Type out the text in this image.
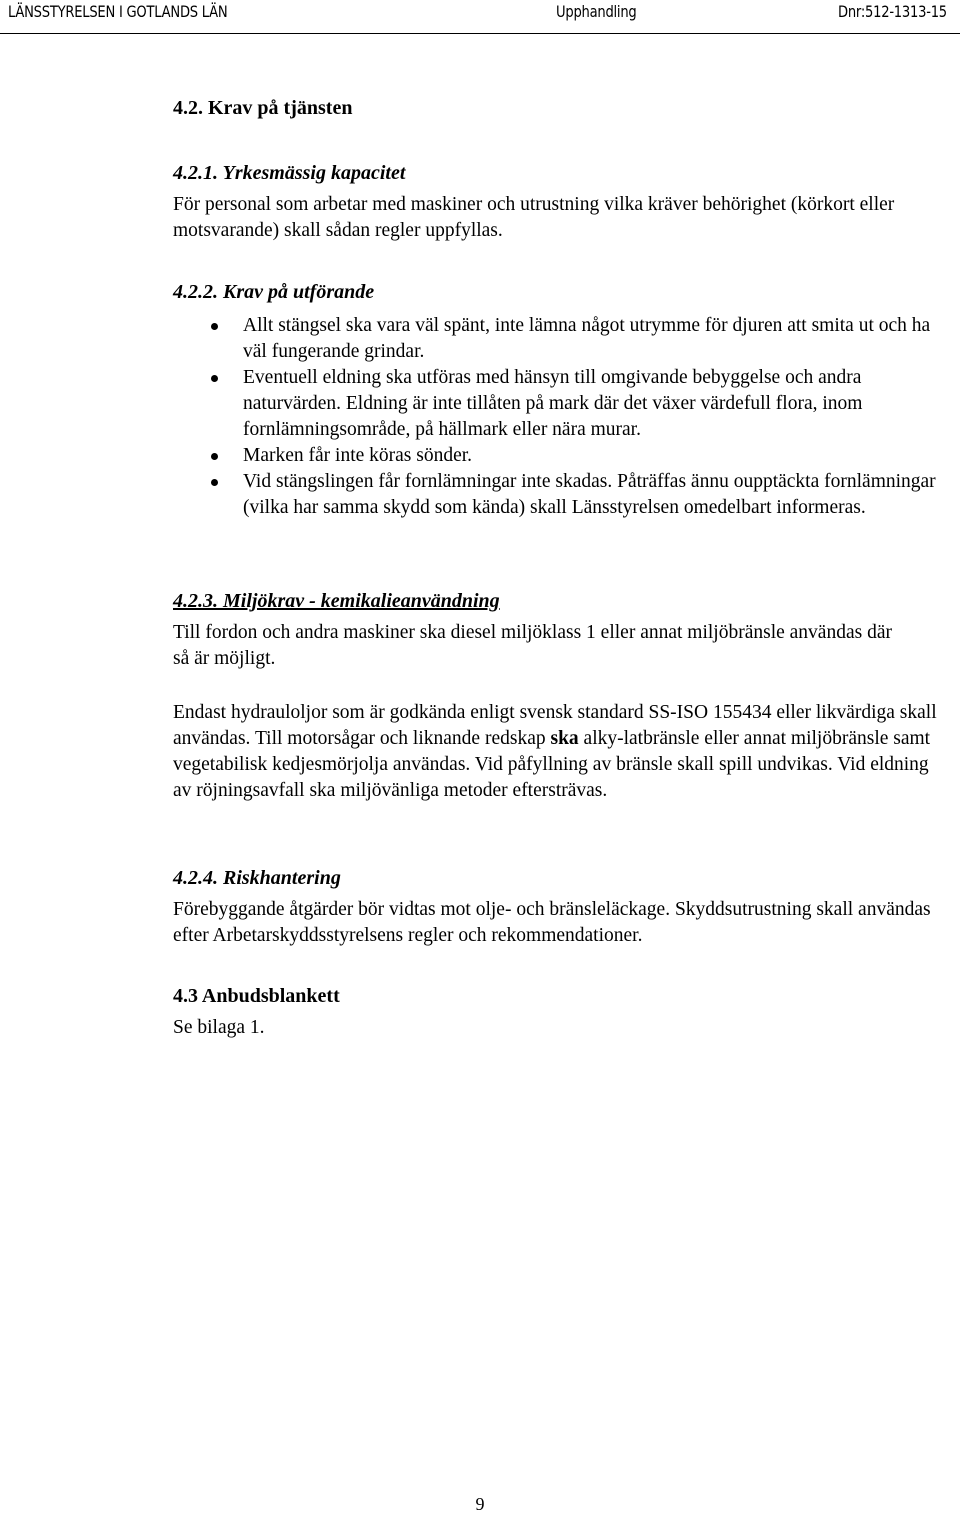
LÄNSSTYRELSEN I GOTLANDS LÄN	Upphandling	Dnr:512-1313-15
4.2. Krav på tjänsten
4.2.1. Yrkesmässig kapacitet

För personal som arbetar med maskiner och utrustning vilka kräver behörighet (körkort eller motsvarande) skall sådan regler uppfyllas.

4.2.2. Krav på utförande
Allt stängsel ska vara väl spänt, inte lämna något utrymme för djuren att smita ut och ha väl fungerande grindar.
Eventuell eldning ska utföras med hänsyn till omgivande bebyggelse och andra naturvärden. Eldning är inte tillåten på mark där det växer värdefull flora, inom fornlämningsområde, på hällmark eller nära murar.
Marken får inte köras sönder.
Vid stängslingen får fornlämningar inte skadas. Påträffas ännu oupptäckta fornlämningar (vilka har samma skydd som kända) skall Länsstyrelsen omedelbart informeras.
4.2.3. Miljökrav - kemikalieanvändning

Till fordon och andra maskiner ska diesel miljöklass 1 eller annat miljöbränsle användas där så är möjligt.

Endast hydrauloljor som är godkända enligt svensk standard SS-ISO 155434 eller likvärdiga skall användas. Till motorsågar och liknande redskap ska alky-latbränsle eller annat miljöbränsle samt vegetabilisk kedjesmörjolja användas. Vid påfyllning av bränsle skall spill undvikas. Vid eldning av röjningsavfall ska miljövänliga metoder eftersträvas.

4.2.4. Riskhantering

Förebyggande åtgärder bör vidtas mot olje- och bränsleläckage. Skyddsutrustning skall användas efter Arbetarskyddsstyrelsens regler och rekommendationer.

4.3 Anbudsblankett

Se bilaga 1.

9
